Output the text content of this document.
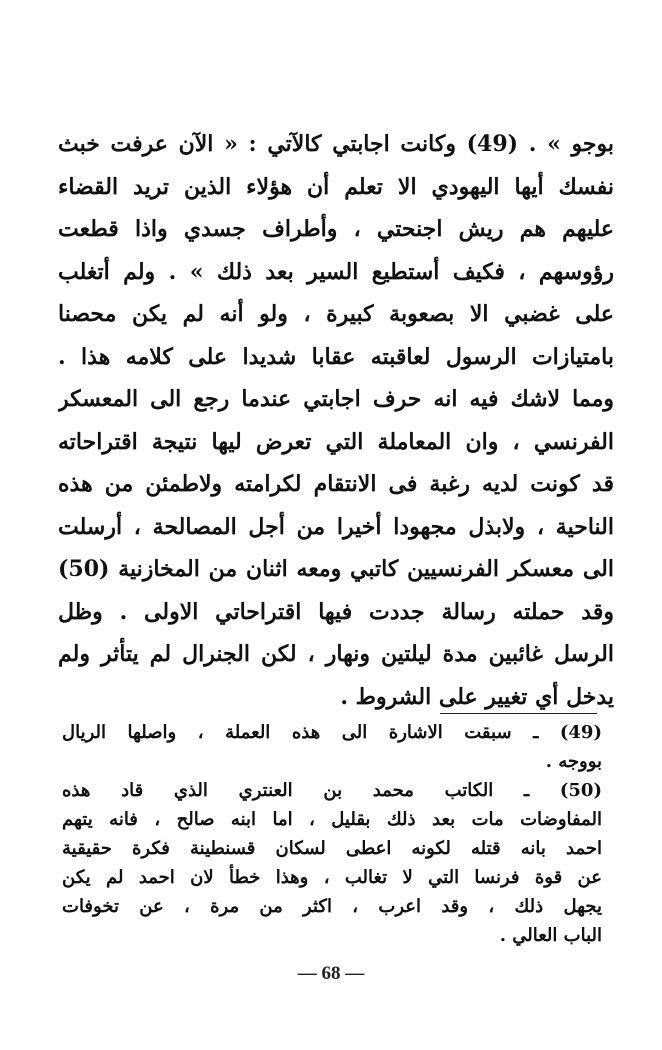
بوجو » . (49) وكانت اجابتي كالآتي : « الآن عرفت خبث
نفسك أيها اليهودي الا تعلم أن هؤلاء الذين تريد القضاء
عليهم هم ريش اجنحتي ، وأطراف جسدي واذا قطعت
رؤوسهم ، فكيف أستطيع السير بعد ذلك » . ولم أتغلب
على غضبي الا بصعوبة كبيرة ، ولو أنه لم يكن محصنا
بامتيازات الرسول لعاقبته عقابا شديدا على كلامه هذا .
ومما لاشك فيه انه حرف اجابتي عندما رجع الى المعسكر
الفرنسي ، وان المعاملة التي تعرض ليها نتيجة اقتراحاته
قد كونت لديه رغبة فى الانتقام لكرامته ولاطمئن من هذه
الناحية ، ولابذل مجهودا أخيرا من أجل المصالحة ، أرسلت
الى معسكر الفرنسيين كاتبي ومعه اثنان من المخازنية (50)
وقد حملته رسالة جددت فيها اقتراحاتي الاولى . وظل
الرسل غائبين مدة ليلتين ونهار ، لكن الجنرال لم يتأثر ولم
يدخل أي تغيير على الشروط .
(49) ـ سبقت الاشارة الى هذه العملة ، واصلها الريال
بووجه .
(50) ـ الكاتب محمد بن العنتري الذي قاد هذه
المفاوضات مات بعد ذلك بقليل ، اما ابنه صالح ، فانه يتهم
احمد بانه قتله لكونه اعطى لسكان قسنطينة فكرة حقيقية
عن قوة فرنسا التي لا تغالب ، وهذا خطأ لان احمد لم يكن
يجهل ذلك ، وقد اعرب ، اكثر من مرة ، عن تخوفات
الباب العالي .
— 68 —
